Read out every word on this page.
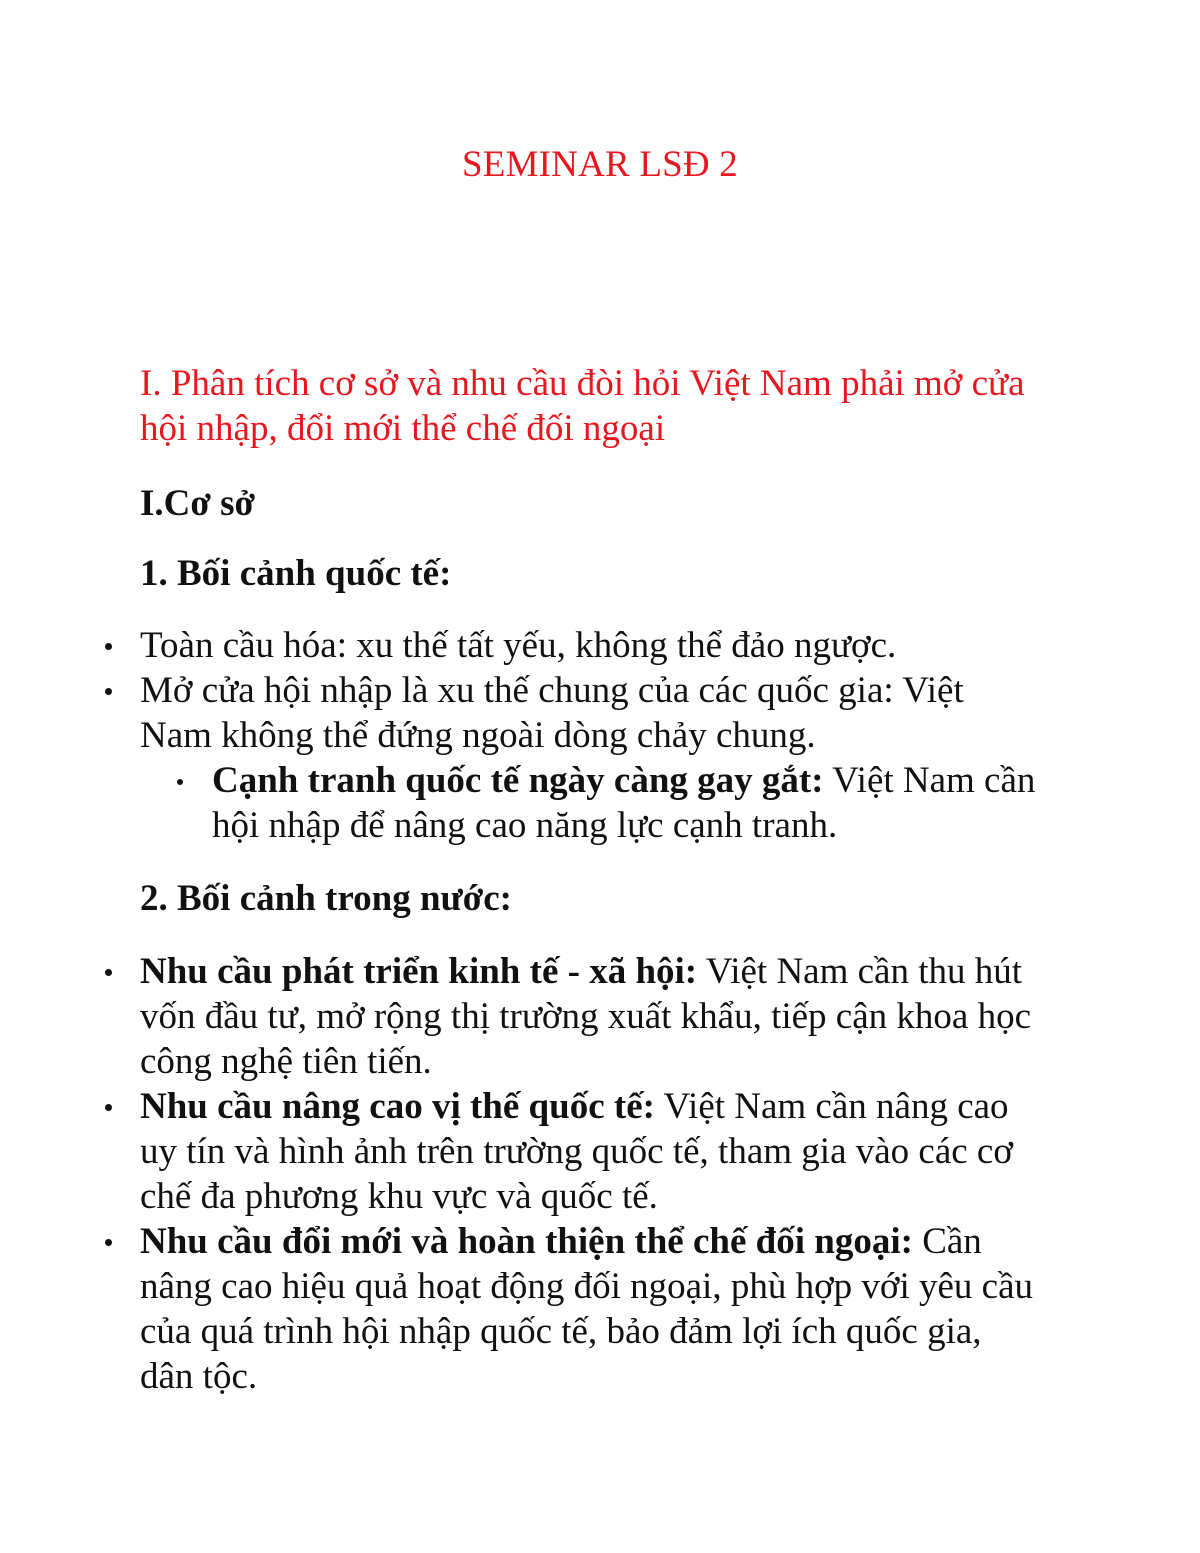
SEMINAR LSĐ 2
I. Phân tích cơ sở và nhu cầu đòi hỏi Việt Nam phải mở cửa hội nhập, đổi mới thể chế đối ngoại
I.Cơ sở
1. Bối cảnh quốc tế:
Toàn cầu hóa: xu thế tất yếu, không thể đảo ngược.
Mở cửa hội nhập là xu thế chung của các quốc gia: Việt Nam không thể đứng ngoài dòng chảy chung.
Cạnh tranh quốc tế ngày càng gay gắt: Việt Nam cần hội nhập để nâng cao năng lực cạnh tranh.
2. Bối cảnh trong nước:
Nhu cầu phát triển kinh tế - xã hội: Việt Nam cần thu hút vốn đầu tư, mở rộng thị trường xuất khẩu, tiếp cận khoa học công nghệ tiên tiến.
Nhu cầu nâng cao vị thế quốc tế: Việt Nam cần nâng cao uy tín và hình ảnh trên trường quốc tế, tham gia vào các cơ chế đa phương khu vực và quốc tế.
Nhu cầu đổi mới và hoàn thiện thể chế đối ngoại: Cần nâng cao hiệu quả hoạt động đối ngoại, phù hợp với yêu cầu của quá trình hội nhập quốc tế, bảo đảm lợi ích quốc gia, dân tộc.
